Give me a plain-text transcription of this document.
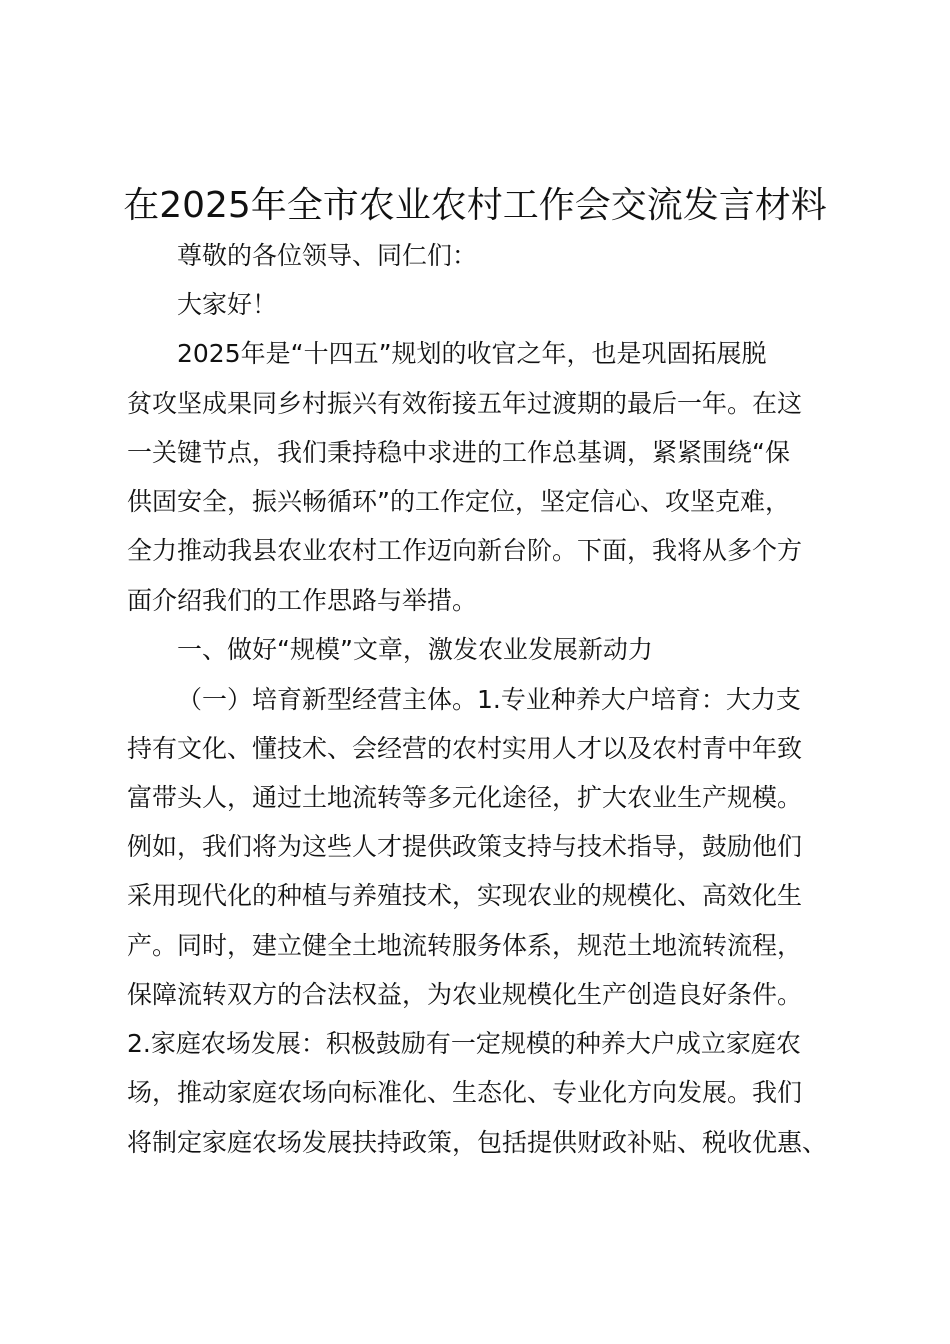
在2025年全市农业农村工作会交流发言材料
尊敬的各位领导、同仁们：
大家好！
2025年是“十四五”规划的收官之年，也是巩固拓展脱
贫攻坚成果同乡村振兴有效衔接五年过渡期的最后一年。在这
一关键节点，我们秉持稳中求进的工作总基调，紧紧围绕“保
供固安全，振兴畅循环”的工作定位，坚定信心、攻坚克难，
全力推动我县农业农村工作迈向新台阶。下面，我将从多个方
面介绍我们的工作思路与举措。
一、做好“规模”文章，激发农业发展新动力
（一）培育新型经营主体。1.专业种养大户培育：大力支
持有文化、懂技术、会经营的农村实用人才以及农村青中年致
富带头人，通过土地流转等多元化途径，扩大农业生产规模。
例如，我们将为这些人才提供政策支持与技术指导，鼓励他们
采用现代化的种植与养殖技术，实现农业的规模化、高效化生
产。同时，建立健全土地流转服务体系，规范土地流转流程，
保障流转双方的合法权益，为农业规模化生产创造良好条件。
2.家庭农场发展：积极鼓励有一定规模的种养大户成立家庭农
场，推动家庭农场向标准化、生态化、专业化方向发展。我们
将制定家庭农场发展扶持政策，包括提供财政补贴、税收优惠、
